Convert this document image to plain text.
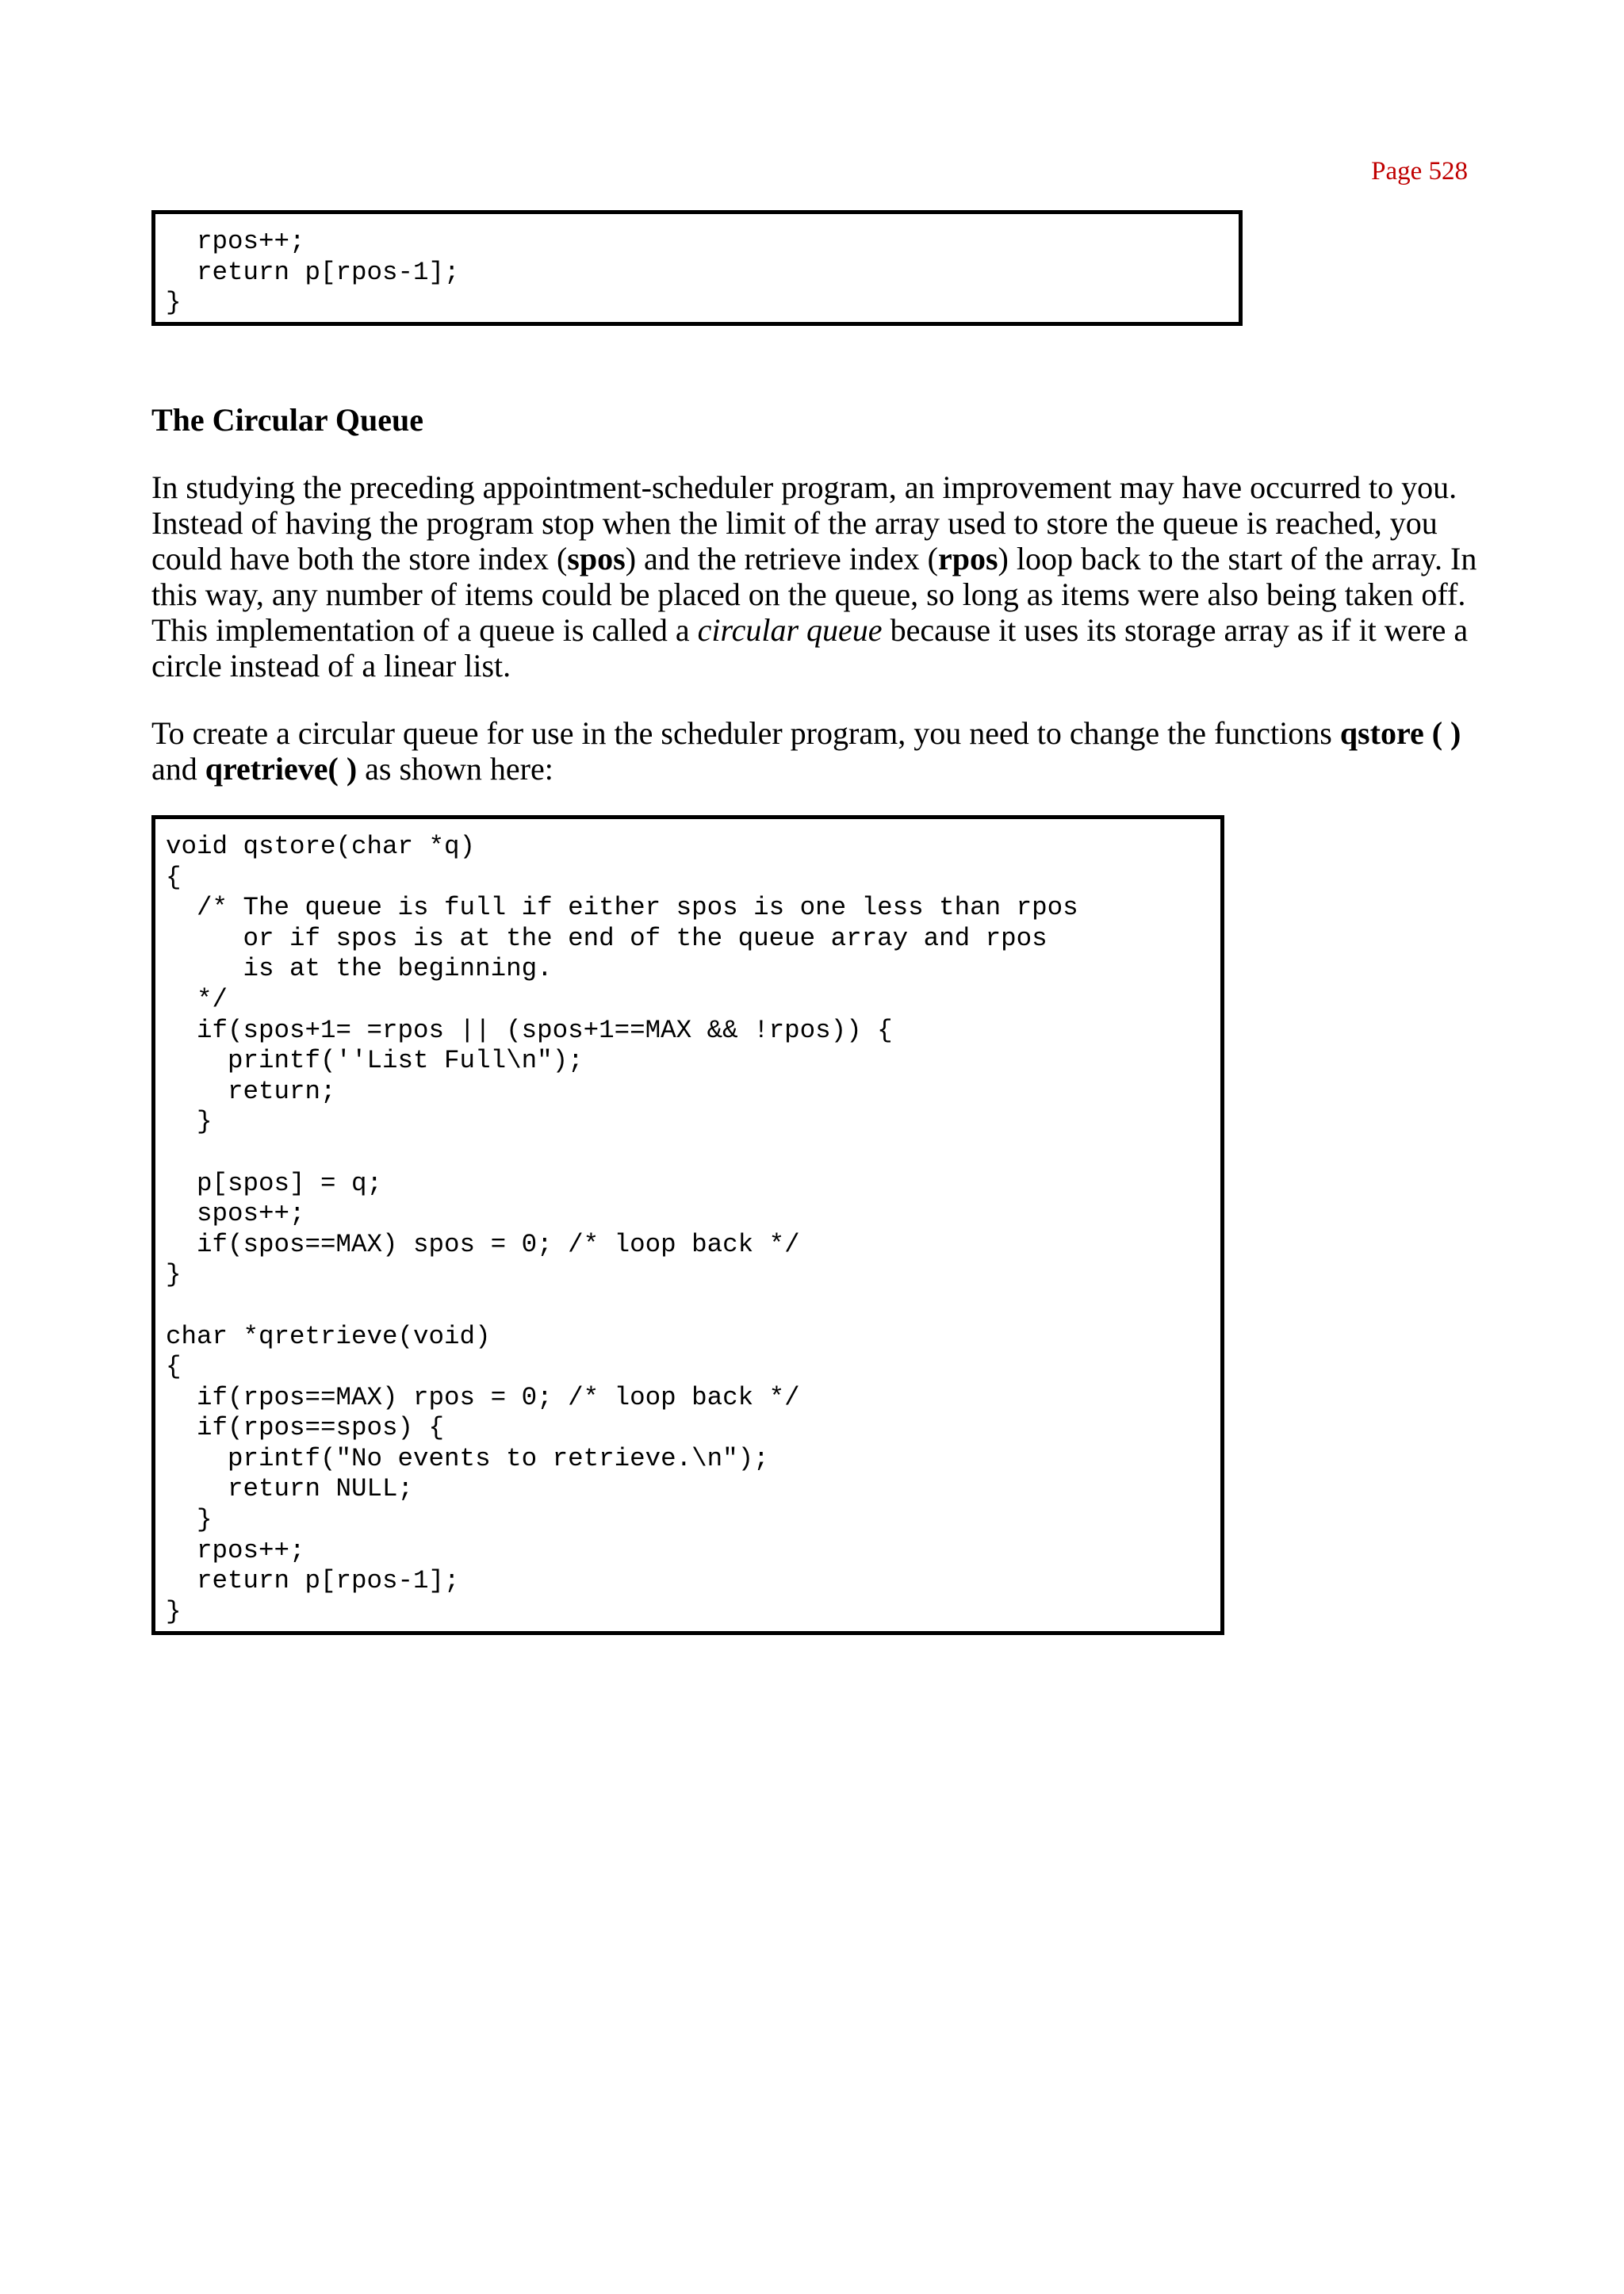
Page 528
rpos++;
return p[rpos-1];
}
The Circular Queue

In studying the preceding appointment-scheduler program, an improvement may have occurred to you. Instead of having the program stop when the limit of the array used to store the queue is reached, you could have both the store index (spos) and the retrieve index (rpos) loop back to the start of the array. In this way, any number of items could be placed on the queue, so long as items were also being taken off. This implementation of a queue is called a circular queue because it uses its storage array as if it were a circle instead of a linear list.

To create a circular queue for use in the scheduler program, you need to change the functions qstore ( ) and qretrieve( ) as shown here:

void qstore(char *q)
{
/* The queue is full if either spos is one less than rpos
or if spos is at the end of the queue array and rpos
is at the beginning.
*/
if(spos+1= =rpos || (spos+1==MAX && !rpos)) {
printf(''List Full\n");
return;
}

p[spos] = q;
spos++;
if(spos==MAX) spos = 0; /* loop back */
}

char *qretrieve(void)
{
if(rpos==MAX) rpos = 0; /* loop back */
if(rpos==spos) {
printf("No events to retrieve.\n");
return NULL;
}
rpos++;
return p[rpos-1];
}
